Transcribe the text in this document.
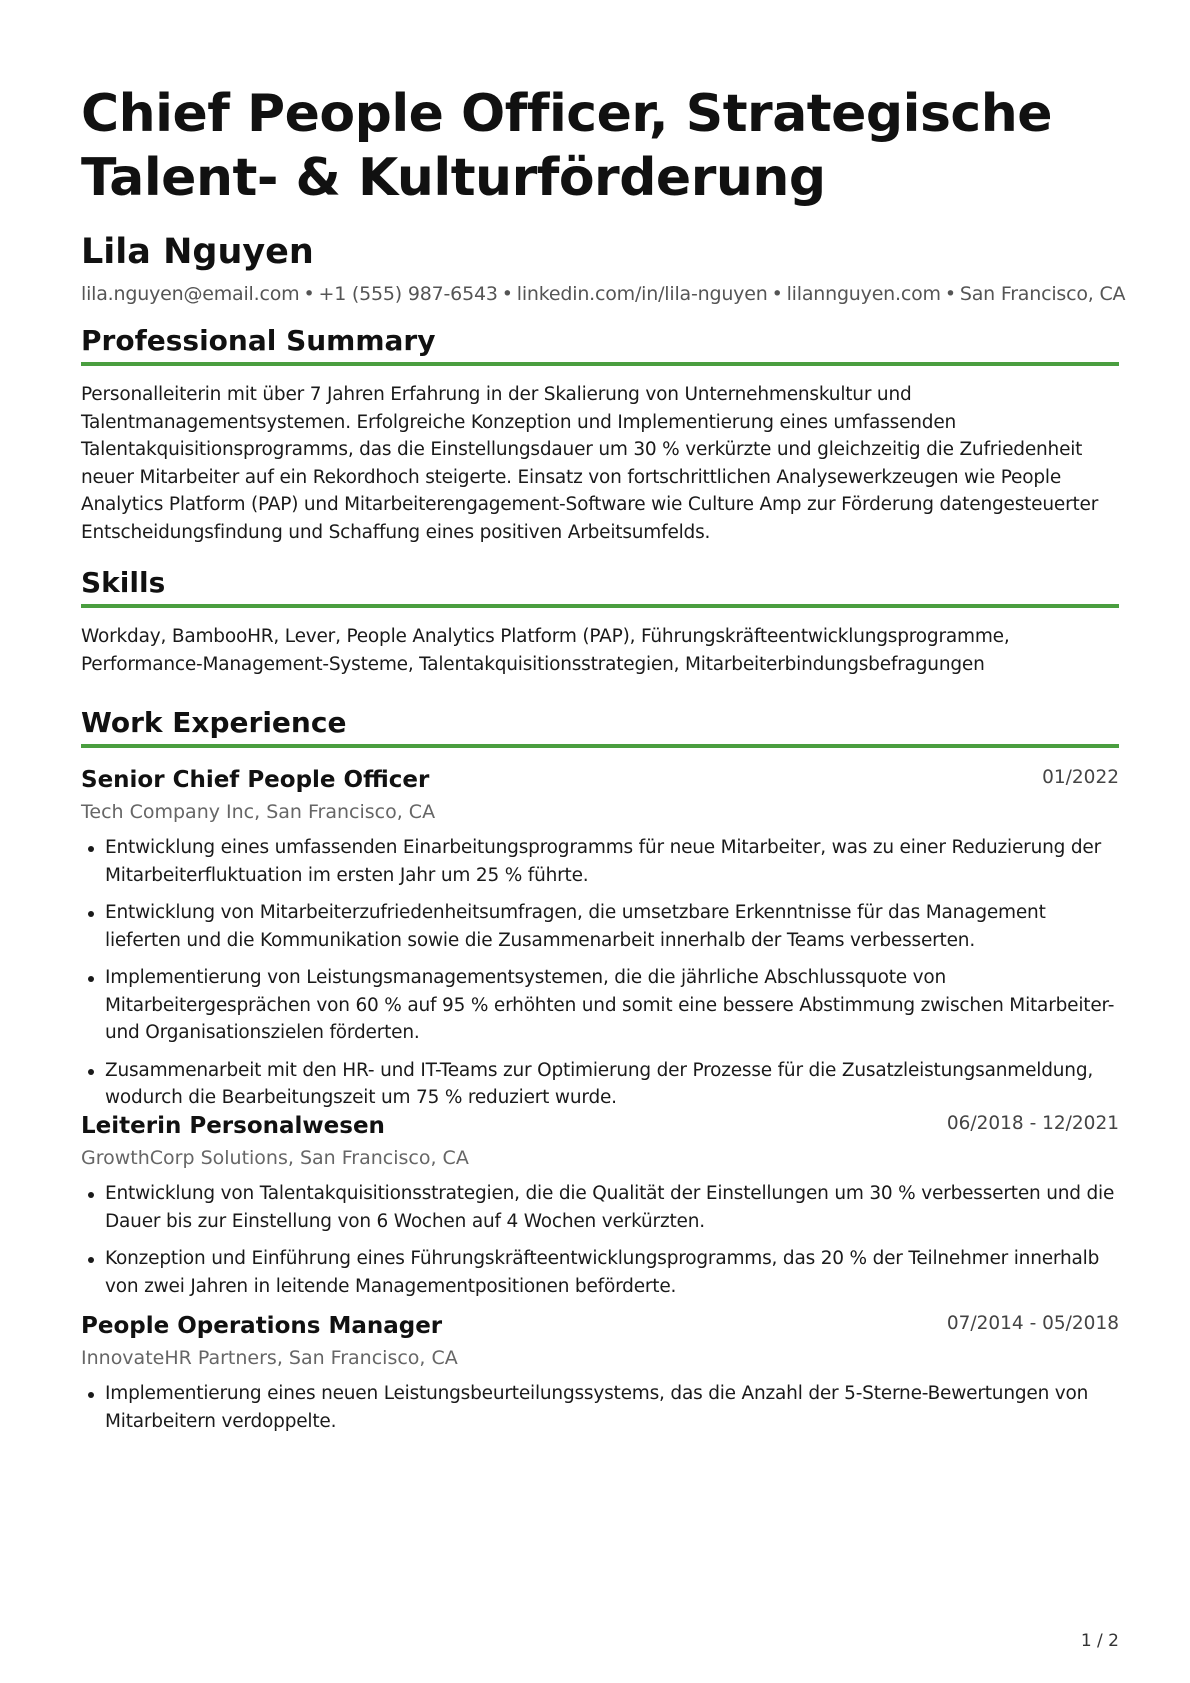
Chief People Officer, Strategische
Talent- & Kulturförderung
Lila Nguyen
lila.nguyen@email.com • +1 (555) 987-6543 • linkedin.com/in/lila-nguyen • lilannguyen.com • San Francisco, CA
Professional Summary
Personalleiterin mit über 7 Jahren Erfahrung in der Skalierung von Unternehmenskultur und Talentmanagementsystemen. Erfolgreiche Konzeption und Implementierung eines umfassenden Talentakquisitionsprogramms, das die Einstellungsdauer um 30 % verkürzte und gleichzeitig die Zufriedenheit neuer Mitarbeiter auf ein Rekordhoch steigerte. Einsatz von fortschrittlichen Analysewerkzeugen wie People Analytics Platform (PAP) und Mitarbeiterengagement-Software wie Culture Amp zur Förderung datengesteuerter Entscheidungsfindung und Schaffung eines positiven Arbeitsumfelds.
Skills
Workday, BambooHR, Lever, People Analytics Platform (PAP), Führungskräfteentwicklungsprogramme, Performance-Management-Systeme, Talentakquisitionsstrategien, Mitarbeiterbindungsbefragungen
Work Experience
Senior Chief People Officer	01/2022
Tech Company Inc, San Francisco, CA
Entwicklung eines umfassenden Einarbeitungsprogramms für neue Mitarbeiter, was zu einer Reduzierung der Mitarbeiterfluktuation im ersten Jahr um 25 % führte.
Entwicklung von Mitarbeiterzufriedenheitsumfragen, die umsetzbare Erkenntnisse für das Management lieferten und die Kommunikation sowie die Zusammenarbeit innerhalb der Teams verbesserten.
Implementierung von Leistungsmanagementsystemen, die die jährliche Abschlussquote von Mitarbeitergesprächen von 60 % auf 95 % erhöhten und somit eine bessere Abstimmung zwischen Mitarbeiter- und Organisationszielen förderten.
Zusammenarbeit mit den HR- und IT-Teams zur Optimierung der Prozesse für die Zusatzleistungsanmeldung, wodurch die Bearbeitungszeit um 75 % reduziert wurde.
Leiterin Personalwesen	06/2018 - 12/2021
GrowthCorp Solutions, San Francisco, CA
Entwicklung von Talentakquisitionsstrategien, die die Qualität der Einstellungen um 30 % verbesserten und die Dauer bis zur Einstellung von 6 Wochen auf 4 Wochen verkürzten.
Konzeption und Einführung eines Führungskräfteentwicklungsprogramms, das 20 % der Teilnehmer innerhalb von zwei Jahren in leitende Managementpositionen beförderte.
People Operations Manager	07/2014 - 05/2018
InnovateHR Partners, San Francisco, CA
Implementierung eines neuen Leistungsbeurteilungssystems, das die Anzahl der 5-Sterne-Bewertungen von Mitarbeitern verdoppelte.
1 / 2
